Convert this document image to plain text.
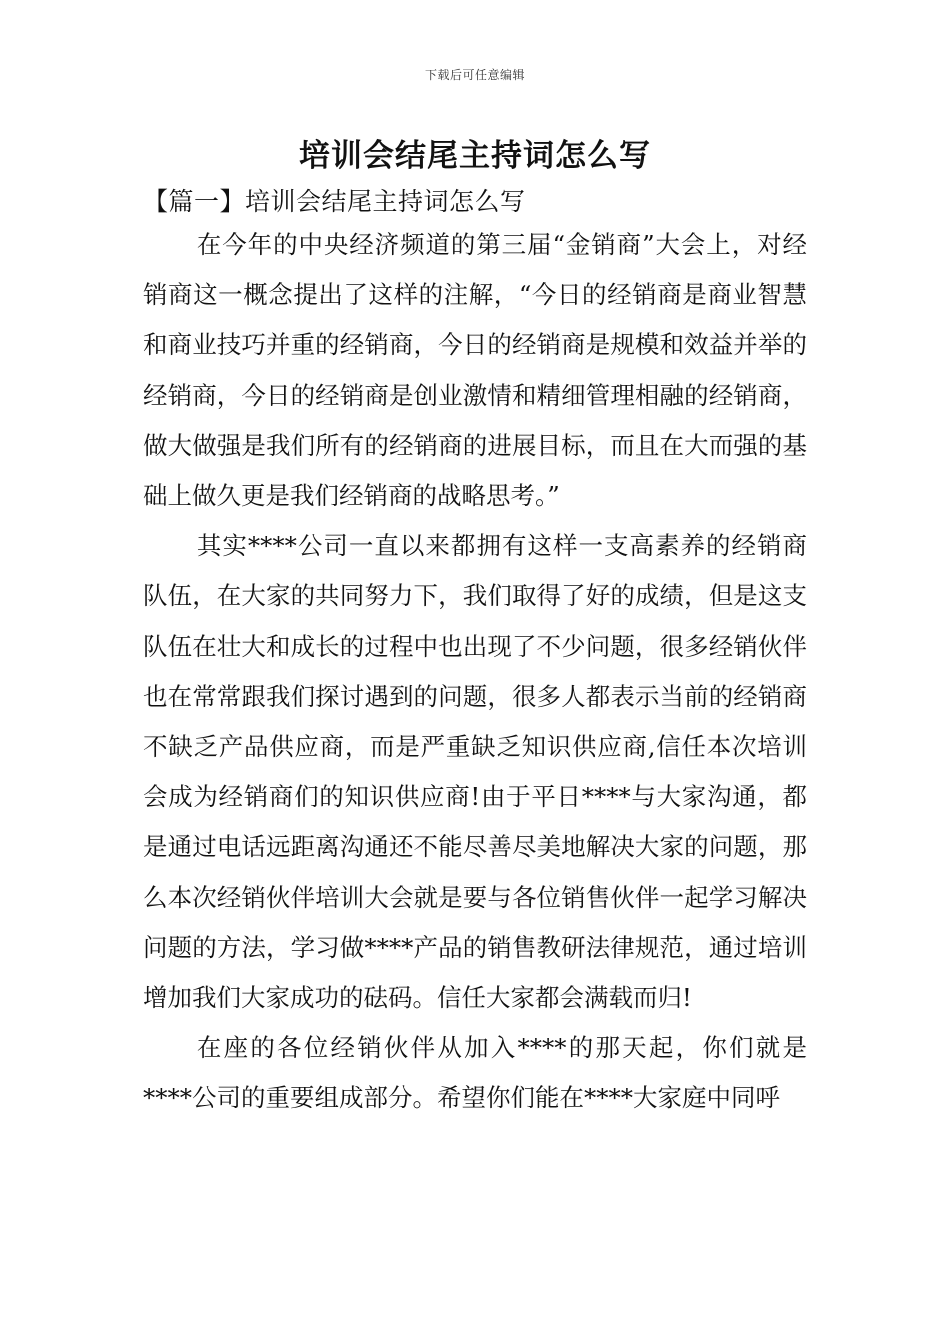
下载后可任意编辑
培训会结尾主持词怎么写
【篇一】培训会结尾主持词怎么写

在今年的中央经济频道的第三届“金销商”大会上，对经销商这一概念提出了这样的注解，“今日的经销商是商业智慧和商业技巧并重的经销商，今日的经销商是规模和效益并举的经销商，今日的经销商是创业激情和精细管理相融的经销商，做大做强是我们所有的经销商的进展目标，而且在大而强的基础上做久更是我们经销商的战略思考。”

其实****公司一直以来都拥有这样一支高素养的经销商队伍，在大家的共同努力下，我们取得了好的成绩，但是这支队伍在壮大和成长的过程中也出现了不少问题，很多经销伙伴也在常常跟我们探讨遇到的问题，很多人都表示当前的经销商不缺乏产品供应商，而是严重缺乏知识供应商,信任本次培训会成为经销商们的知识供应商!由于平日****与大家沟通，都是通过电话远距离沟通还不能尽善尽美地解决大家的问题，那么本次经销伙伴培训大会就是要与各位销售伙伴一起学习解决问题的方法，学习做****产品的销售教研法律规范，通过培训增加我们大家成功的砝码。信任大家都会满载而归!

在座的各位经销伙伴从加入****的那天起，你们就是****公司的重要组成部分。希望你们能在****大家庭中同呼
